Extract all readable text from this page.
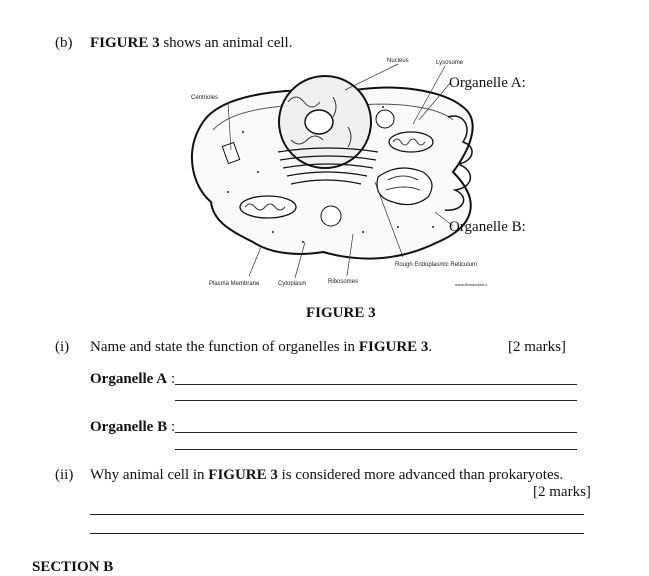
(b) FIGURE 3 shows an animal cell.
Nucleus	Lysosome
Organelle A:
Centrioles
Organelle B:
Rough Endoplasmic Reticulum
Plasma Membrane	Cytoplasm	Ribosomes	www.flinnandnot.z
FIGURE 3
(i) Name and state the function of organelles in FIGURE 3.	[2 marks]
Organelle A :
Organelle B :
(ii) Why animal cell in FIGURE 3 is considered more advanced than prokaryotes.
[2 marks]
SECTION B
